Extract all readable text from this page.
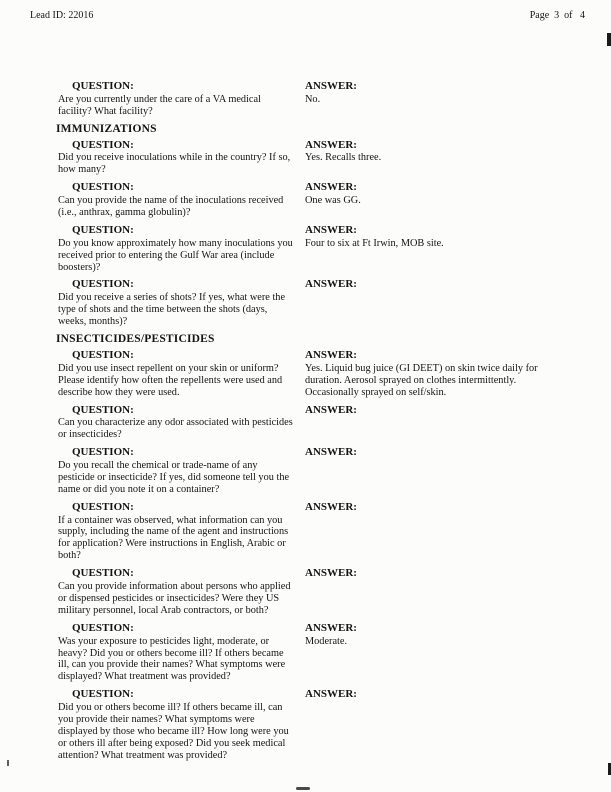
Lead ID: 22016	Page  3  of   4
QUESTION:
Are you currently under the care of a VA medical facility? What facility?
ANSWER:
No.
IMMUNIZATIONS
QUESTION:
Did you receive inoculations while in the country? If so, how many?
ANSWER:
Yes. Recalls three.
QUESTION:
Can you provide the name of the inoculations received (i.e., anthrax, gamma globulin)?
ANSWER:
One was GG.
QUESTION:
Do you know approximately how many inoculations you received prior to entering the Gulf War area (include boosters)?
ANSWER:
Four to six at Ft Irwin, MOB site.
QUESTION:
Did you receive a series of shots? If yes, what were the type of shots and the time between the shots (days, weeks, months)?
ANSWER:
INSECTICIDES/PESTICIDES
QUESTION:
Did you use insect repellent on your skin or uniform? Please identify how often the repellents were used and describe how they were used.
ANSWER:
Yes. Liquid bug juice (GI DEET) on skin twice daily for duration. Aerosol sprayed on clothes intermittently. Occasionally sprayed on self/skin.
QUESTION:
Can you characterize any odor associated with pesticides or insecticides?
ANSWER:
QUESTION:
Do you recall the chemical or trade-name of any pesticide or insecticide? If yes, did someone tell you the name or did you note it on a container?
ANSWER:
QUESTION:
If a container was observed, what information can you supply, including the name of the agent and instructions for application? Were instructions in English, Arabic or both?
ANSWER:
QUESTION:
Can you provide information about persons who applied or dispensed pesticides or insecticides? Were they US military personnel, local Arab contractors, or both?
ANSWER:
QUESTION:
Was your exposure to pesticides light, moderate, or heavy? Did you or others become ill? If others became ill, can you provide their names? What symptoms were displayed? What treatment was provided?
ANSWER:
Moderate.
QUESTION:
Did you or others become ill? If others became ill, can you provide their names? What symptoms were displayed by those who became ill? How long were you or others ill after being exposed? Did you seek medical attention? What treatment was provided?
ANSWER:
